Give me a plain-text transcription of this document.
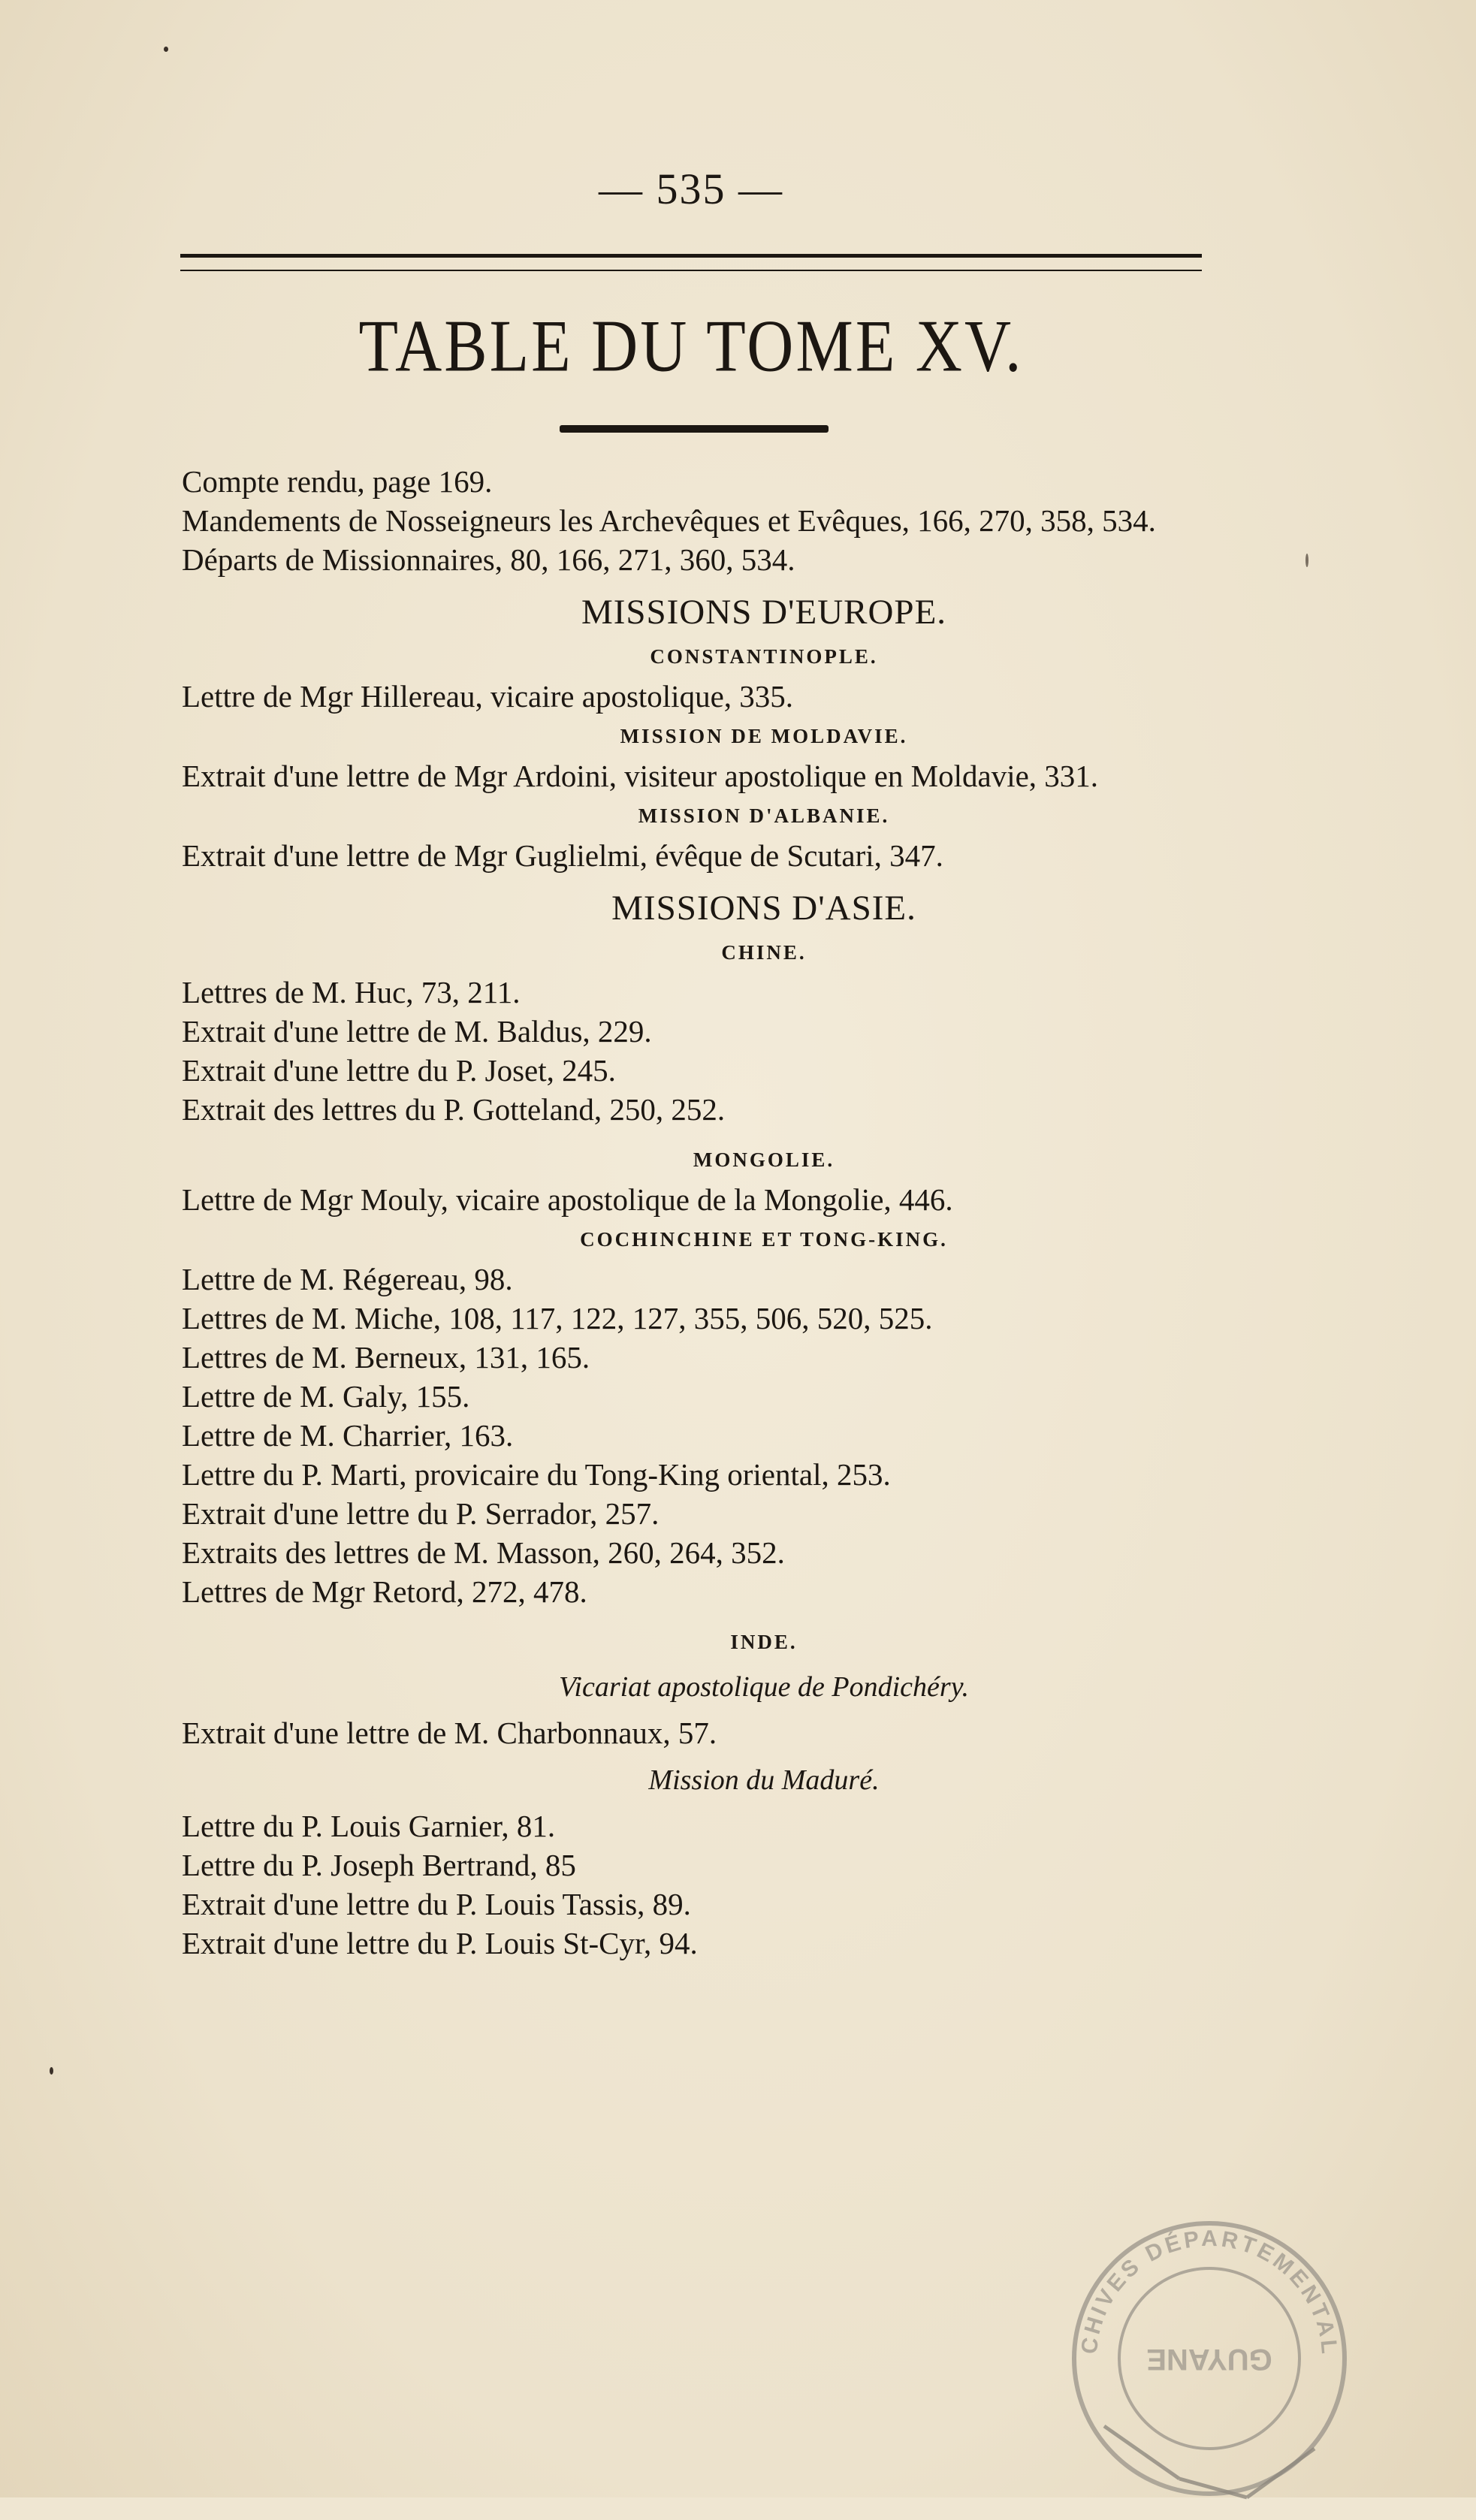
— 535 —
TABLE DU TOME XV.

Compte rendu, page 169.

Mandements de Nosseigneurs les Archevêques et Evêques, 166, 270, 358, 534.

Départs de Missionnaires, 80, 166, 271, 360, 534.

MISSIONS D'EUROPE.
CONSTANTINOPLE.

Lettre de Mgr Hillereau, vicaire apostolique, 335.

MISSION DE MOLDAVIE.

Extrait d'une lettre de Mgr Ardoini, visiteur apostolique en Moldavie, 331.

MISSION D'ALBANIE.

Extrait d'une lettre de Mgr Guglielmi, évêque de Scutari, 347.

MISSIONS D'ASIE.
CHINE.

Lettres de M. Huc, 73, 211.

Extrait d'une lettre de M. Baldus, 229.

Extrait d'une lettre du P. Joset, 245.

Extrait des lettres du P. Gotteland, 250, 252.

MONGOLIE.

Lettre de Mgr Mouly, vicaire apostolique de la Mongolie, 446.

COCHINCHINE ET TONG-KING.

Lettre de M. Régereau, 98.

Lettres de M. Miche, 108, 117, 122, 127, 355, 506, 520, 525.

Lettres de M. Berneux, 131, 165.

Lettre de M. Galy, 155.

Lettre de M. Charrier, 163.

Lettre du P. Marti, provicaire du Tong-King oriental, 253.

Extrait d'une lettre du P. Serrador, 257.

Extraits des lettres de M. Masson, 260, 264, 352.

Lettres de Mgr Retord, 272, 478.

INDE.
Vicariat apostolique de Pondichéry.

Extrait d'une lettre de M. Charbonnaux, 57.

Mission du Maduré.

Lettre du P. Louis Garnier, 81.

Lettre du P. Joseph Bertrand, 85

Extrait d'une lettre du P. Louis Tassis, 89.

Extrait d'une lettre du P. Louis St-Cyr, 94.

CHIVES DÉPARTEMENTAL
GUYANE
